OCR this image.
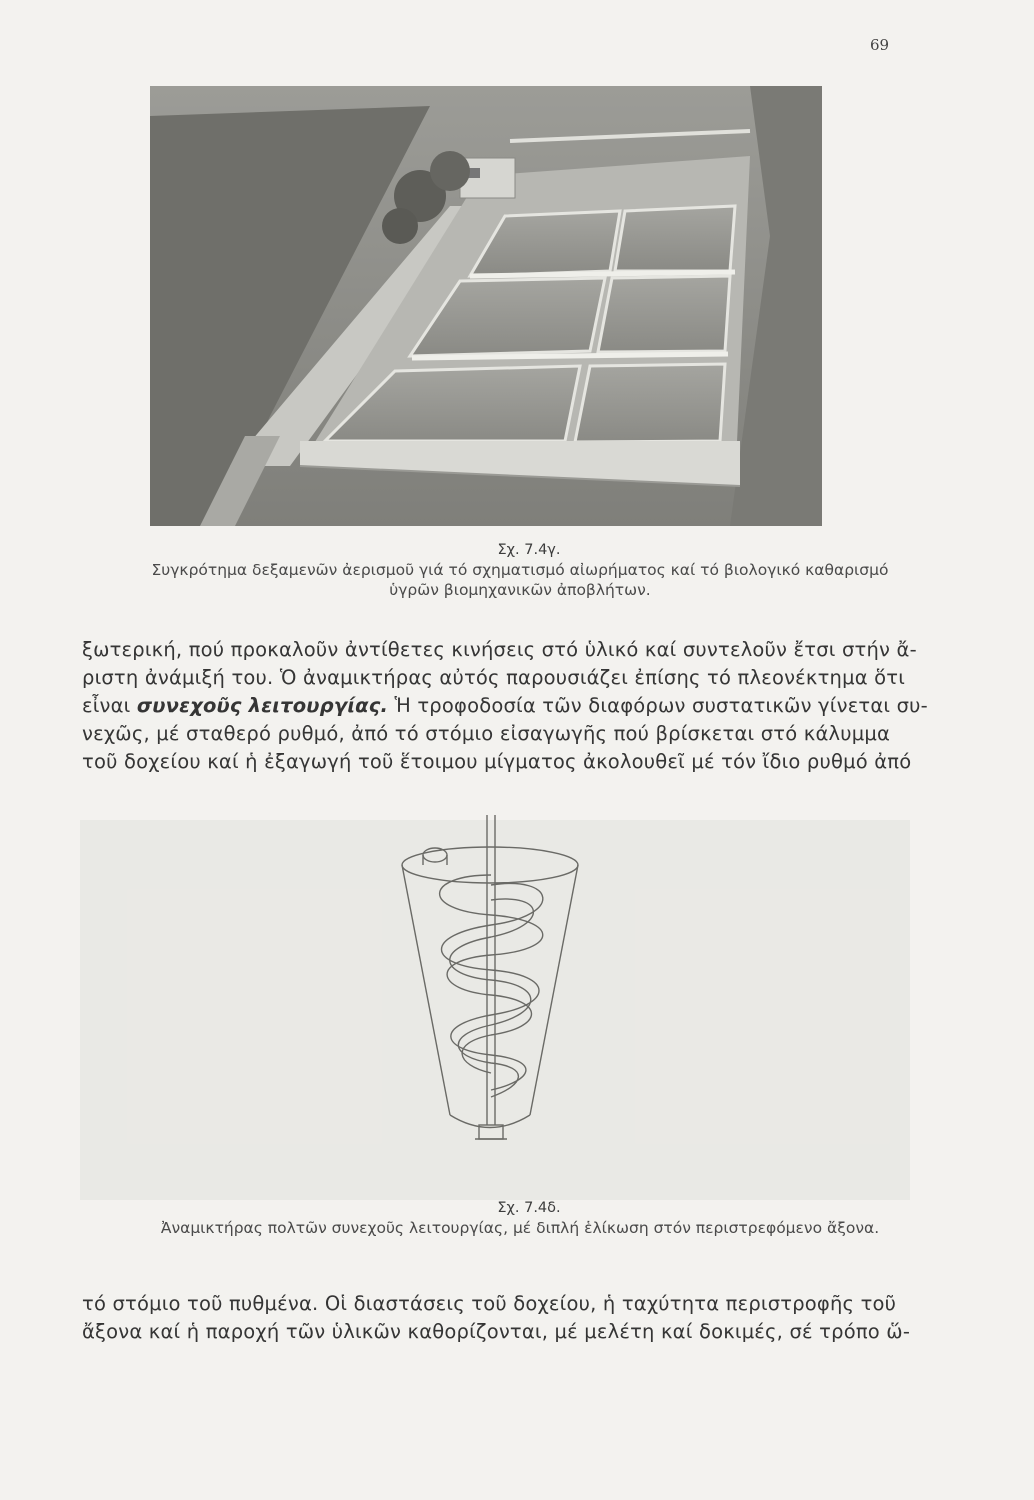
69
Σχ. 7.4γ.
Συγκρότημα δεξαμενῶν ἀερισμοῦ γιά τό σχηματισμό αἰωρήματος καί τό βιολογικό καθαρισμό
ὑγρῶν βιομηχανικῶν ἀποβλήτων.
ξωτερική, πού προκαλοῦν ἀντίθετες κινήσεις στό ὑλικό καί συντελοῦν ἔτσι στήν ἄ-
ριστη ἀνάμιξή του. Ὁ ἀναμικτήρας αὐτός παρουσιάζει ἐπίσης τό πλεονέκτημα ὅτι
εἶναι συνεχοῦς λειτουργίας. Ἡ τροφοδοσία τῶν διαφόρων συστατικῶν γίνεται συ-
νεχῶς, μέ σταθερό ρυθμό, ἀπό τό στόμιο εἰσαγωγῆς πού βρίσκεται στό κάλυμμα
τοῦ δοχείου καί ἡ ἐξαγωγή τοῦ ἕτοιμου μίγματος ἀκολουθεῖ μέ τόν ἴδιο ρυθμό ἀπό
Σχ. 7.4δ.
Ἀναμικτήρας πολτῶν συνεχοῦς λειτουργίας, μέ διπλή ἑλίκωση στόν περιστρεφόμενο ἄξονα.
τό στόμιο τοῦ πυθμένα. Οἱ διαστάσεις τοῦ δοχείου, ἡ ταχύτητα περιστροφῆς τοῦ
ἄξονα καί ἡ παροχή τῶν ὑλικῶν καθορίζονται, μέ μελέτη καί δοκιμές, σέ τρόπο ὥ-
